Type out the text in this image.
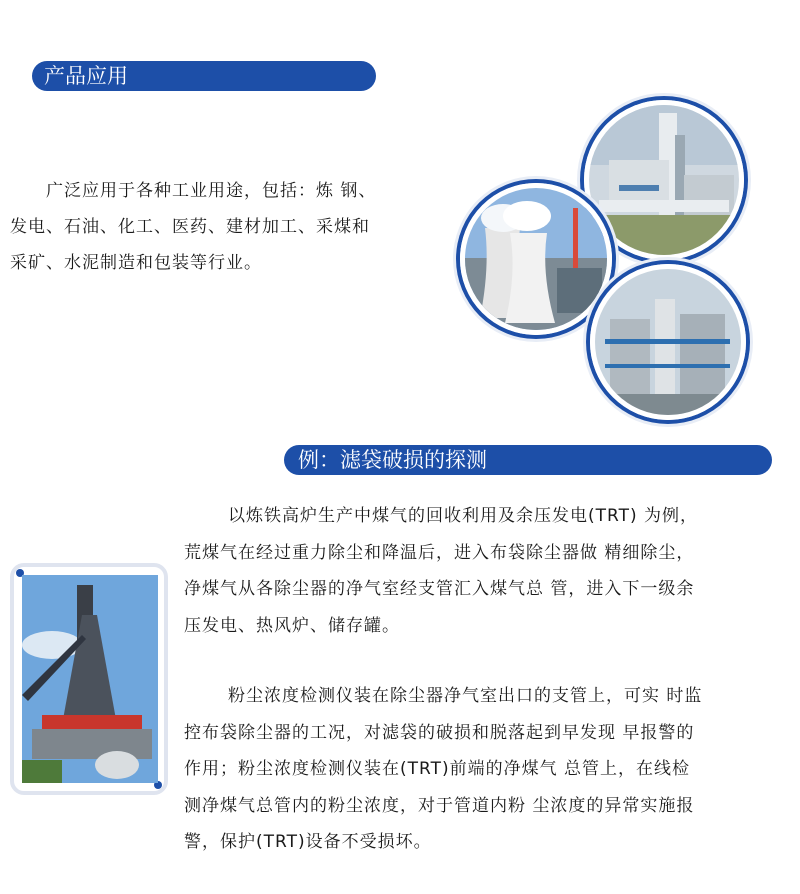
产品应用
广泛应用于各种工业用途，包括：炼 钢、
发电、石油、化工、医药、建材加工、采煤和
采矿、水泥制造和包装等行业。
例：滤袋破损的探测
以炼铁高炉生产中煤气的回收利用及余压发电(TRT) 为例，
荒煤气在经过重力除尘和降温后，进入布袋除尘器做 精细除尘，
净煤气从各除尘器的净气室经支管汇入煤气总 管，进入下一级余
压发电、热风炉、储存罐。
粉尘浓度检测仪装在除尘器净气室出口的支管上，可实 时监
控布袋除尘器的工况，对滤袋的破损和脱落起到早发现 早报警的
作用；粉尘浓度检测仪装在(TRT)前端的净煤气 总管上，在线检
测净煤气总管内的粉尘浓度，对于管道内粉 尘浓度的异常实施报
警，保护(TRT)设备不受损坏。
